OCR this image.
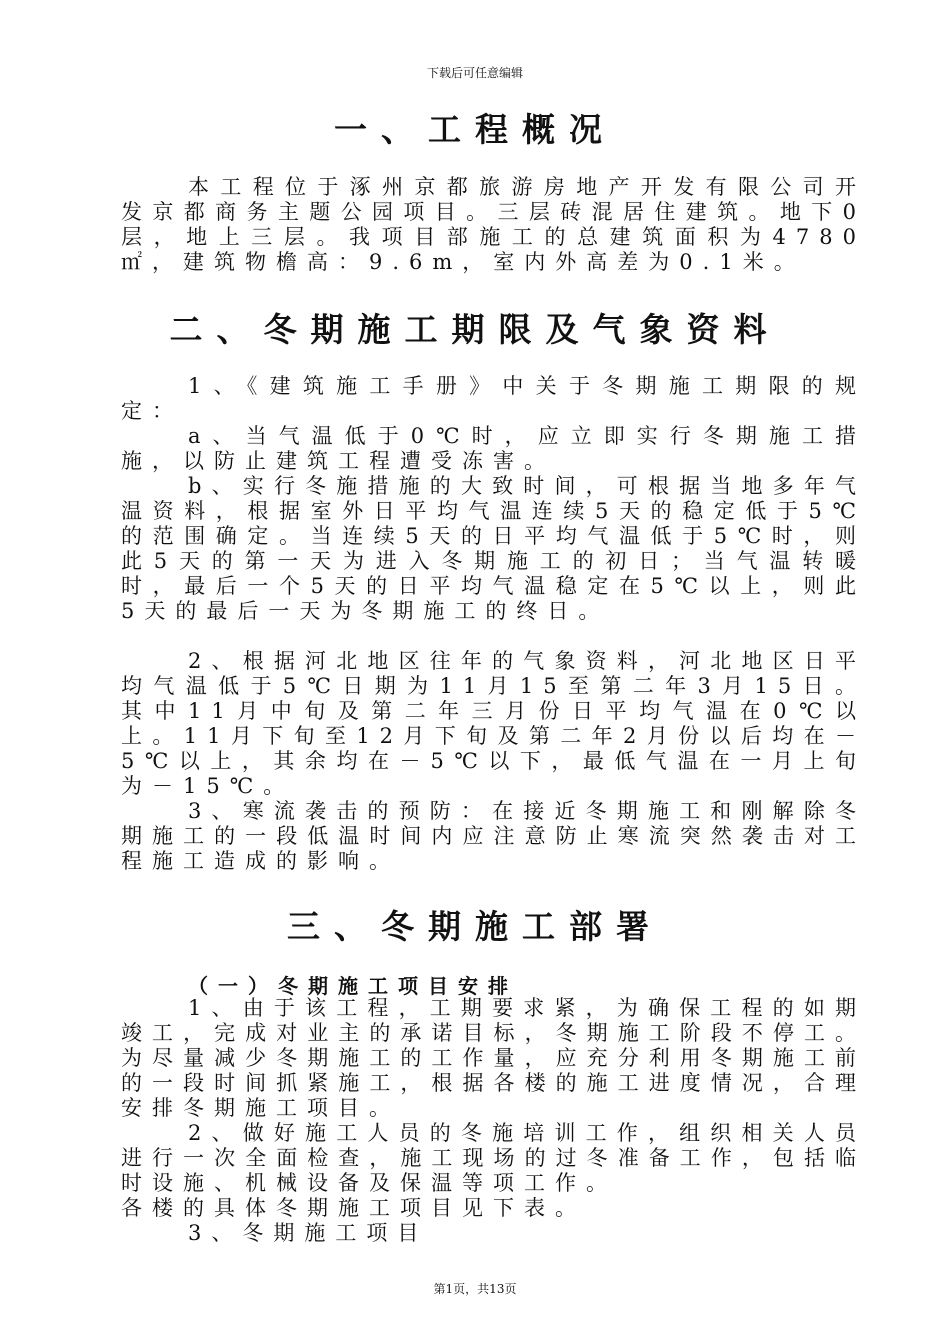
下载后可任意编辑
一、工程概况

本工程位于涿州京都旅游房地产开发有限公司开发京都商务主题公园项目。三层砖混居住建筑。地下0层，地上三层。我项目部施工的总建筑面积为4780㎡，建筑物檐高：9.6m，室内外高差为0.1米。

二、冬期施工期限及气象资料

1、《建筑施工手册》中关于冬期施工期限的规定：

a、当气温低于0℃时，应立即实行冬期施工措施，以防止建筑工程遭受冻害。

b、实行冬施措施的大致时间，可根据当地多年气温资料，根据室外日平均气温连续5天的稳定低于5℃的范围确定。当连续5天的日平均气温低于5℃时，则此5天的第一天为进入冬期施工的初日；当气温转暖时，最后一个5天的日平均气温稳定在5℃以上，则此5天的最后一天为冬期施工的终日。

2、根据河北地区往年的气象资料，河北地区日平均气温低于5℃日期为11月15至第二年3月15日。其中11月中旬及第二年三月份日平均气温在0℃以上。11月下旬至12月下旬及第二年2月份以后均在－5℃以上，其余均在－5℃以下，最低气温在一月上旬为－15℃。

3、寒流袭击的预防：在接近冬期施工和刚解除冬期施工的一段低温时间内应注意防止寒流突然袭击对工程施工造成的影响。

三、冬期施工部署
（一）冬期施工项目安排

1、由于该工程，工期要求紧，为确保工程的如期竣工，完成对业主的承诺目标，冬期施工阶段不停工。为尽量减少冬期施工的工作量，应充分利用冬期施工前的一段时间抓紧施工，根据各楼的施工进度情况，合理安排冬期施工项目。

2、做好施工人员的冬施培训工作，组织相关人员进行一次全面检查，施工现场的过冬准备工作，包括临时设施、机械设备及保温等项工作。

各楼的具体冬期施工项目见下表。

3、冬期施工项目

第1页，共13页
